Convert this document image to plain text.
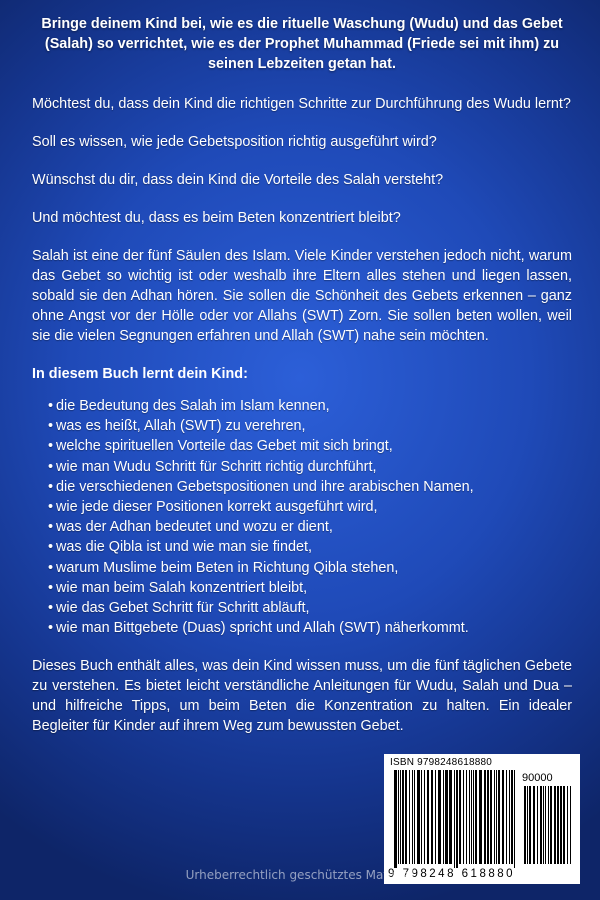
Bringe deinem Kind bei, wie es die rituelle Waschung (Wudu) und das Gebet (Salah) so verrichtet, wie es der Prophet Muhammad (Friede sei mit ihm) zu seinen Lebzeiten getan hat.

Möchtest du, dass dein Kind die richtigen Schritte zur Durchführung des Wudu lernt?

Soll es wissen, wie jede Gebetsposition richtig ausgeführt wird?

Wünschst du dir, dass dein Kind die Vorteile des Salah versteht?

Und möchtest du, dass es beim Beten konzentriert bleibt?

Salah ist eine der fünf Säulen des Islam. Viele Kinder verstehen jedoch nicht, warum das Gebet so wichtig ist oder weshalb ihre Eltern alles stehen und liegen lassen, sobald sie den Adhan hören. Sie sollen die Schönheit des Gebets erkennen – ganz ohne Angst vor der Hölle oder vor Allahs (SWT) Zorn. Sie sollen beten wollen, weil sie die vielen Segnungen erfahren und Allah (SWT) nahe sein möchten.

In diesem Buch lernt dein Kind:

• die Bedeutung des Salah im Islam kennen,
• was es heißt, Allah (SWT) zu verehren,
• welche spirituellen Vorteile das Gebet mit sich bringt,
• wie man Wudu Schritt für Schritt richtig durchführt,
• die verschiedenen Gebetspositionen und ihre arabischen Namen,
• wie jede dieser Positionen korrekt ausgeführt wird,
• was der Adhan bedeutet und wozu er dient,
• was die Qibla ist und wie man sie findet,
• warum Muslime beim Beten in Richtung Qibla stehen,
• wie man beim Salah konzentriert bleibt,
• wie das Gebet Schritt für Schritt abläuft,
• wie man Bittgebete (Duas) spricht und Allah (SWT) näherkommt.

Dieses Buch enthält alles, was dein Kind wissen muss, um die fünf täglichen Gebete zu verstehen. Es bietet leicht verständliche Anleitungen für Wudu, Salah und Dua – und hilfreiche Tipps, um beim Beten die Konzentration zu halten. Ein idealer Begleiter für Kinder auf ihrem Weg zum bewussten Gebet.

ISBN 9798248618880
90000
9 798248 618880
Urheberrechtlich geschütztes Material
